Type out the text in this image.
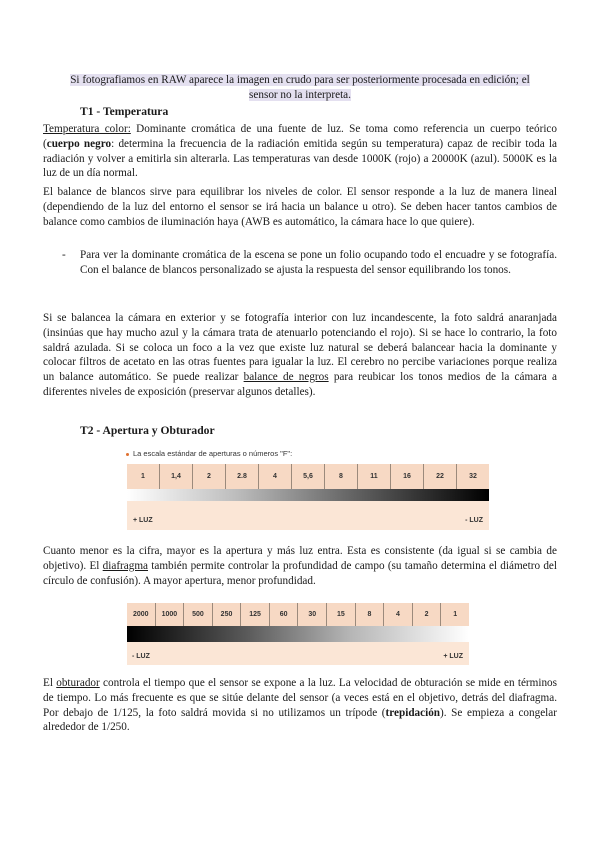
Si fotografiamos en RAW aparece la imagen en crudo para ser posteriormente procesada en edición; el
sensor no la interpreta.

T1 - Temperatura

Temperatura color: Dominante cromática de una fuente de luz. Se toma como referencia un cuerpo teórico (cuerpo negro: determina la frecuencia de la radiación emitida según su temperatura) capaz de recibir toda la radiación y volver a emitirla sin alterarla. Las temperaturas van desde 1000K (rojo) a 20000K (azul). 5000K es la luz de un día normal.

El balance de blancos sirve para equilibrar los niveles de color. El sensor responde a la luz de manera lineal (dependiendo de la luz del entorno el sensor se irá hacia un balance u otro). Se deben hacer tantos cambios de balance como cambios de iluminación haya (AWB es automático, la cámara hace lo que quiere).

- Para ver la dominante cromática de la escena se pone un folio ocupando todo el encuadre y se fotografía. Con el balance de blancos personalizado se ajusta la respuesta del sensor equilibrando los tonos.

Si se balancea la cámara en exterior y se fotografía interior con luz incandescente, la foto saldrá anaranjada (insinúas que hay mucho azul y la cámara trata de atenuarlo potenciando el rojo). Si se hace lo contrario, la foto saldrá azulada. Si se coloca un foco a la vez que existe luz natural se deberá balancear hacia la dominante y colocar filtros de acetato en las otras fuentes para igualar la luz. El cerebro no percibe variaciones porque realiza un balance automático. Se puede realizar balance de negros para reubicar los tonos medios de la cámara a diferentes niveles de exposición (preservar algunos detalles).

T2 - Apertura y Obturador

La escala estándar de aperturas o números "F":
1	1,4	2	2.8	4	5,6	8	11	16	22	32
+ LUZ	- LUZ

Cuanto menor es la cifra, mayor es la apertura y más luz entra. Esta es consistente (da igual si se cambia de objetivo). El diafragma también permite controlar la profundidad de campo (su tamaño determina el diámetro del círculo de confusión). A mayor apertura, menor profundidad.

2000	1000	500	250	125	60	30	15	8	4	2	1
- LUZ	+ LUZ

El obturador controla el tiempo que el sensor se expone a la luz. La velocidad de obturación se mide en términos de tiempo. Lo más frecuente es que se sitúe delante del sensor (a veces está en el objetivo, detrás del diafragma. Por debajo de 1/125, la foto saldrá movida si no utilizamos un trípode (trepidación). Se empieza a congelar alrededor de 1/250.
